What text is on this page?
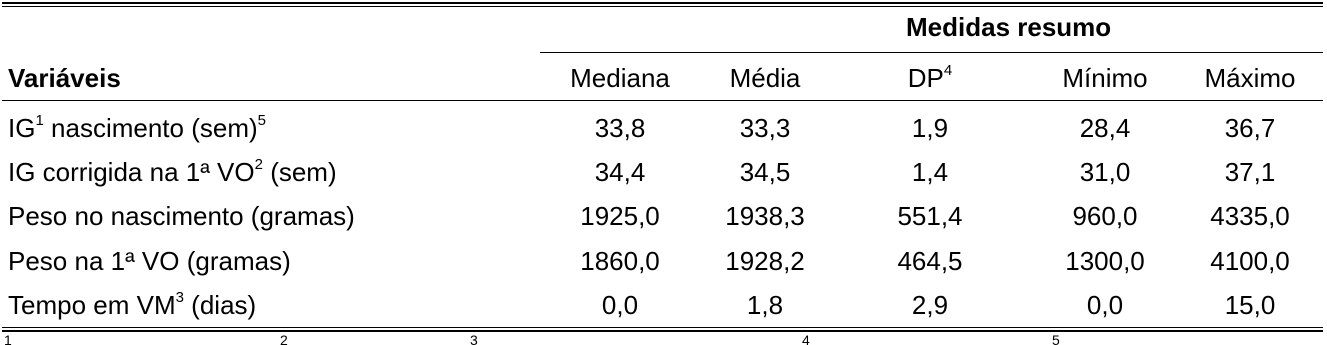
Medidas resumo
Variáveis	Mediana	Média	$DP^4$	Mínimo	Máximo
$IG^1$ nascimento (sem)$^5$	33,8	33,3	1,9	28,4	36,7
IG corrigida na 1ª $VO^2$ (sem)	34,4	34,5	1,4	31,0	37,1
Peso no nascimento (gramas)	1925,0	1938,3	551,4	960,0	4335,0
Peso na 1ª VO (gramas)	1860,0	1928,2	464,5	1300,0	4100,0
Tempo em $VM^3$ (dias)	0,0	1,8	2,9	0,0	15,0
1	2	3	4	5
